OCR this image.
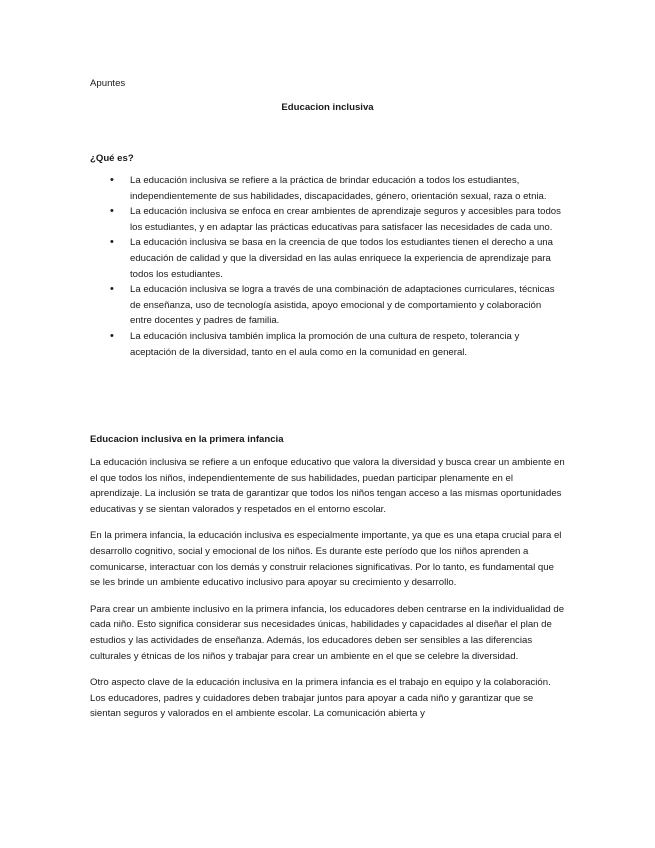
Apuntes
Educacion inclusiva
¿Qué es?
• La educación inclusiva se refiere a la práctica de brindar educación a todos los estudiantes, independientemente de sus habilidades, discapacidades, género, orientación sexual, raza o etnia.
• La educación inclusiva se enfoca en crear ambientes de aprendizaje seguros y accesibles para todos los estudiantes, y en adaptar las prácticas educativas para satisfacer las necesidades de cada uno.
• La educación inclusiva se basa en la creencia de que todos los estudiantes tienen el derecho a una educación de calidad y que la diversidad en las aulas enriquece la experiencia de aprendizaje para todos los estudiantes.
• La educación inclusiva se logra a través de una combinación de adaptaciones curriculares, técnicas de enseñanza, uso de tecnología asistida, apoyo emocional y de comportamiento y colaboración entre docentes y padres de familia.
• La educación inclusiva también implica la promoción de una cultura de respeto, tolerancia y aceptación de la diversidad, tanto en el aula como en la comunidad en general.
Educacion inclusiva en la primera infancia

La educación inclusiva se refiere a un enfoque educativo que valora la diversidad y busca crear un ambiente en el que todos los niños, independientemente de sus habilidades, puedan participar plenamente en el aprendizaje. La inclusión se trata de garantizar que todos los niños tengan acceso a las mismas oportunidades educativas y se sientan valorados y respetados en el entorno escolar.

En la primera infancia, la educación inclusiva es especialmente importante, ya que es una etapa crucial para el desarrollo cognitivo, social y emocional de los niños. Es durante este período que los niños aprenden a comunicarse, interactuar con los demás y construir relaciones significativas. Por lo tanto, es fundamental que se les brinde un ambiente educativo inclusivo para apoyar su crecimiento y desarrollo.

Para crear un ambiente inclusivo en la primera infancia, los educadores deben centrarse en la individualidad de cada niño. Esto significa considerar sus necesidades únicas, habilidades y capacidades al diseñar el plan de estudios y las actividades de enseñanza. Además, los educadores deben ser sensibles a las diferencias culturales y étnicas de los niños y trabajar para crear un ambiente en el que se celebre la diversidad.

Otro aspecto clave de la educación inclusiva en la primera infancia es el trabajo en equipo y la colaboración. Los educadores, padres y cuidadores deben trabajar juntos para apoyar a cada niño y garantizar que se sientan seguros y valorados en el ambiente escolar. La comunicación abierta y
